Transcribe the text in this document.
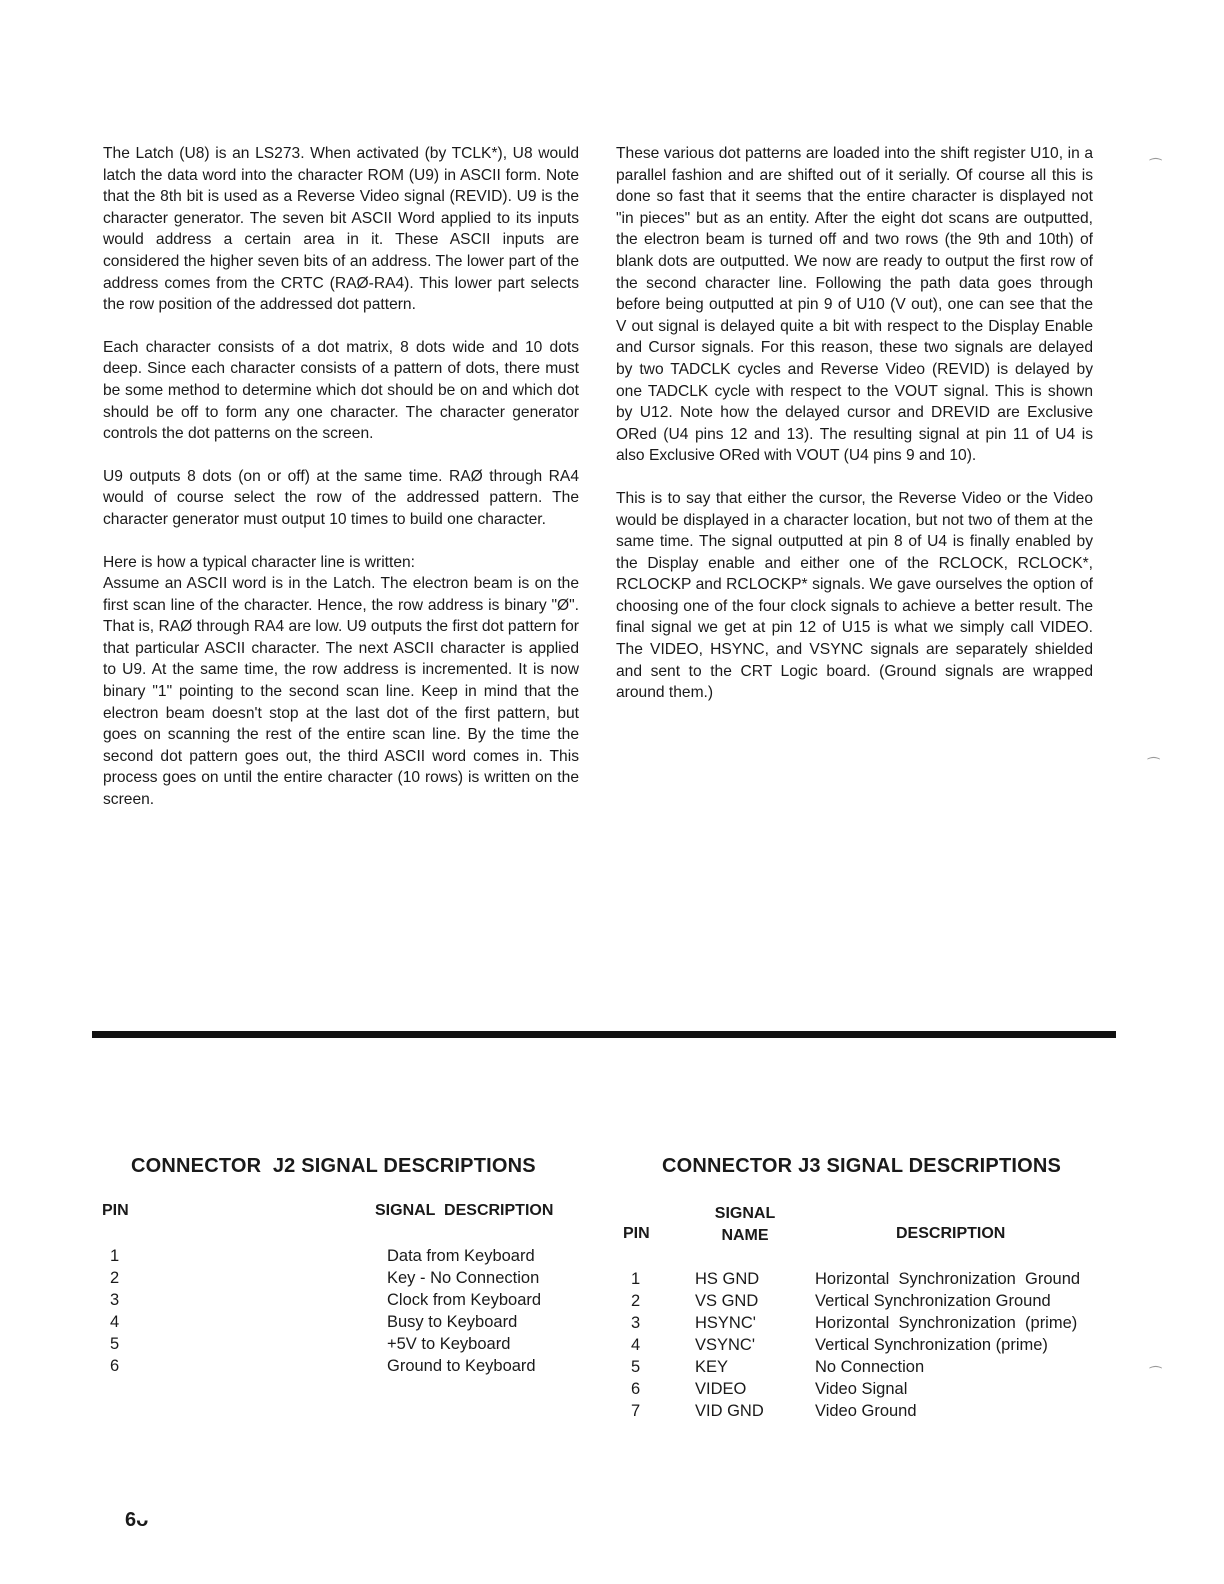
The Latch (U8) is an LS273. When activated (by TCLK*), U8 would latch the data word into the character ROM (U9) in ASCII form. Note that the 8th bit is used as a Reverse Video signal (REVID). U9 is the character generator. The seven bit ASCII Word applied to its inputs would address a certain area in it. These ASCII inputs are considered the higher seven bits of an address. The lower part of the address comes from the CRTC (RAØ-RA4). This lower part selects the row position of the addressed dot pattern.

Each character consists of a dot matrix, 8 dots wide and 10 dots deep. Since each character consists of a pattern of dots, there must be some method to determine which dot should be on and which dot should be off to form any one character. The character generator controls the dot patterns on the screen.

U9 outputs 8 dots (on or off) at the same time. RAØ through RA4 would of course select the row of the addressed pattern. The character generator must output 10 times to build one character.

Here is how a typical character line is written:

Assume an ASCII word is in the Latch. The electron beam is on the first scan line of the character. Hence, the row address is binary "Ø". That is, RAØ through RA4 are low. U9 outputs the first dot pattern for that particular ASCII character. The next ASCII character is applied to U9. At the same time, the row address is incremented. It is now binary "1" pointing to the second scan line. Keep in mind that the electron beam doesn't stop at the last dot of the first pattern, but goes on scanning the rest of the entire scan line. By the time the second dot pattern goes out, the third ASCII word comes in. This process goes on until the entire character (10 rows) is written on the screen.

These various dot patterns are loaded into the shift register U10, in a parallel fashion and are shifted out of it serially. Of course all this is done so fast that it seems that the entire character is displayed not "in pieces" but as an entity. After the eight dot scans are outputted, the electron beam is turned off and two rows (the 9th and 10th) of blank dots are outputted. We now are ready to output the first row of the second character line. Following the path data goes through before being outputted at pin 9 of U10 (V out), one can see that the V out signal is delayed quite a bit with respect to the Display Enable and Cursor signals. For this reason, these two signals are delayed by two TADCLK cycles and Reverse Video (REVID) is delayed by one TADCLK cycle with respect to the VOUT signal. This is shown by U12. Note how the delayed cursor and DREVID are Exclusive ORed (U4 pins 12 and 13). The resulting signal at pin 11 of U4 is also Exclusive ORed with VOUT (U4 pins 9 and 10).

This is to say that either the cursor, the Reverse Video or the Video would be displayed in a character location, but not two of them at the same time. The signal outputted at pin 8 of U4 is finally enabled by the Display enable and either one of the RCLOCK, RCLOCK*, RCLOCKP and RCLOCKP* signals. We gave ourselves the option of choosing one of the four clock signals to achieve a better result. The final signal we get at pin 12 of U15 is what we simply call VIDEO. The VIDEO, HSYNC, and VSYNC signals are separately shielded and sent to the CRT Logic board. (Ground signals are wrapped around them.)

CONNECTOR  J2 SIGNAL DESCRIPTIONS	CONNECTOR J3 SIGNAL DESCRIPTIONS
PIN	SIGNAL  DESCRIPTION
1	Data from Keyboard
2	Key - No Connection
3	Clock from Keyboard
4	Busy to Keyboard
5	+5V to Keyboard
6	Ground to Keyboard
SIGNAL
NAME
PIN	DESCRIPTION
1	HS GND	Horizontal  Synchronization  Ground
2	VS GND	Vertical Synchronization Ground
3	HSYNC'	Horizontal  Synchronization  (prime)
4	VSYNC'	Vertical Synchronization (prime)
5	KEY	No Connection
6	VIDEO	Video Signal
7	VID GND	Video Ground
6ᴗ
⁀
⁀
⁀
